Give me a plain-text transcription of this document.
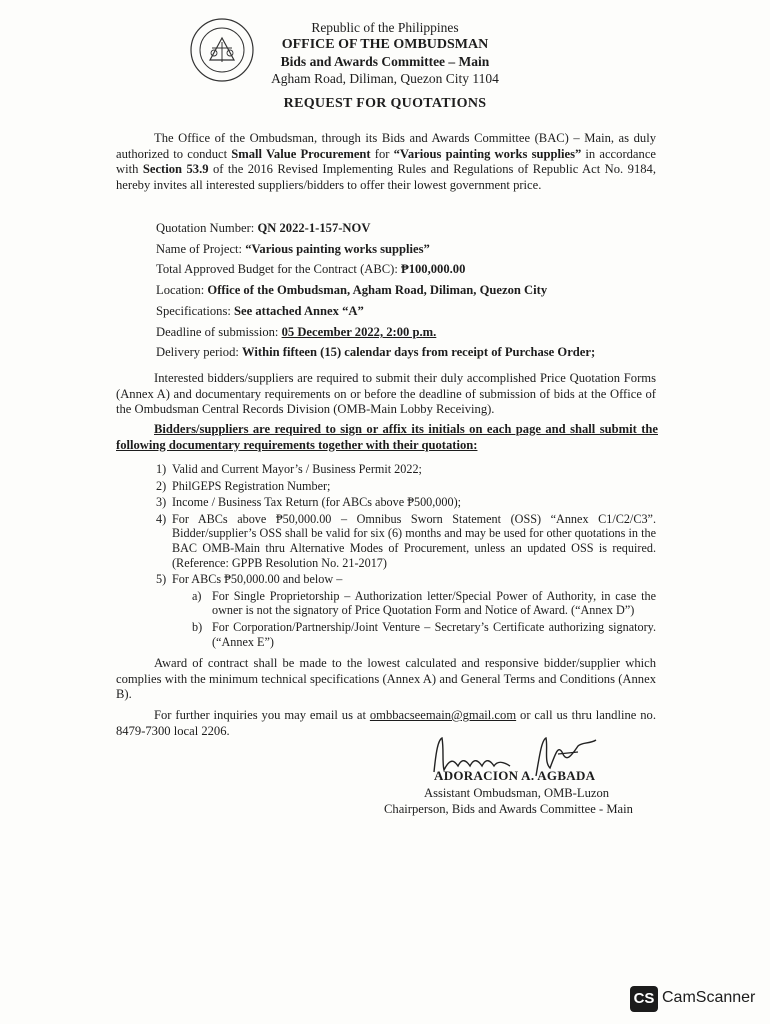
Republic of the Philippines
OFFICE OF THE OMBUDSMAN
Bids and Awards Committee – Main
Agham Road, Diliman, Quezon City 1104
REQUEST FOR QUOTATIONS
The Office of the Ombudsman, through its Bids and Awards Committee (BAC) – Main, as duly authorized to conduct Small Value Procurement for “Various painting works supplies” in accordance with Section 53.9 of the 2016 Revised Implementing Rules and Regulations of Republic Act No. 9184, hereby invites all interested suppliers/bidders to offer their lowest government price.
Quotation Number: QN 2022-1-157-NOV
Name of Project: “Various painting works supplies”
Total Approved Budget for the Contract (ABC): ₱100,000.00
Location: Office of the Ombudsman, Agham Road, Diliman, Quezon City
Specifications: See attached Annex “A”
Deadline of submission: 05 December 2022, 2:00 p.m.
Delivery period: Within fifteen (15) calendar days from receipt of Purchase Order;
Interested bidders/suppliers are required to submit their duly accomplished Price Quotation Forms (Annex A) and documentary requirements on or before the deadline of submission of bids at the Office of the Ombudsman Central Records Division (OMB-Main Lobby Receiving).
Bidders/suppliers are required to sign or affix its initials on each page and shall submit the following documentary requirements together with their quotation:
1) Valid and Current Mayor’s / Business Permit 2022;
2) PhilGEPS Registration Number;
3) Income / Business Tax Return (for ABCs above ₱500,000);
4) For ABCs above ₱50,000.00 – Omnibus Sworn Statement (OSS) “Annex C1/C2/C3”. Bidder/supplier’s OSS shall be valid for six (6) months and may be used for other quotations in the BAC OMB-Main thru Alternative Modes of Procurement, unless an updated OSS is required. (Reference: GPPB Resolution No. 21-2017)
5) For ABCs ₱50,000.00 and below –
a) For Single Proprietorship – Authorization letter/Special Power of Authority, in case the owner is not the signatory of Price Quotation Form and Notice of Award. (“Annex D”)
b) For Corporation/Partnership/Joint Venture – Secretary’s Certificate authorizing signatory. (“Annex E”)
Award of contract shall be made to the lowest calculated and responsive bidder/supplier which complies with the minimum technical specifications (Annex A) and General Terms and Conditions (Annex B).
For further inquiries you may email us at ombbacseemain@gmail.com or call us thru landline no. 8479-7300 local 2206.
ADORACION A. AGBADA
Assistant Ombudsman, OMB-Luzon
Chairperson, Bids and Awards Committee - Main
CS CamScanner
